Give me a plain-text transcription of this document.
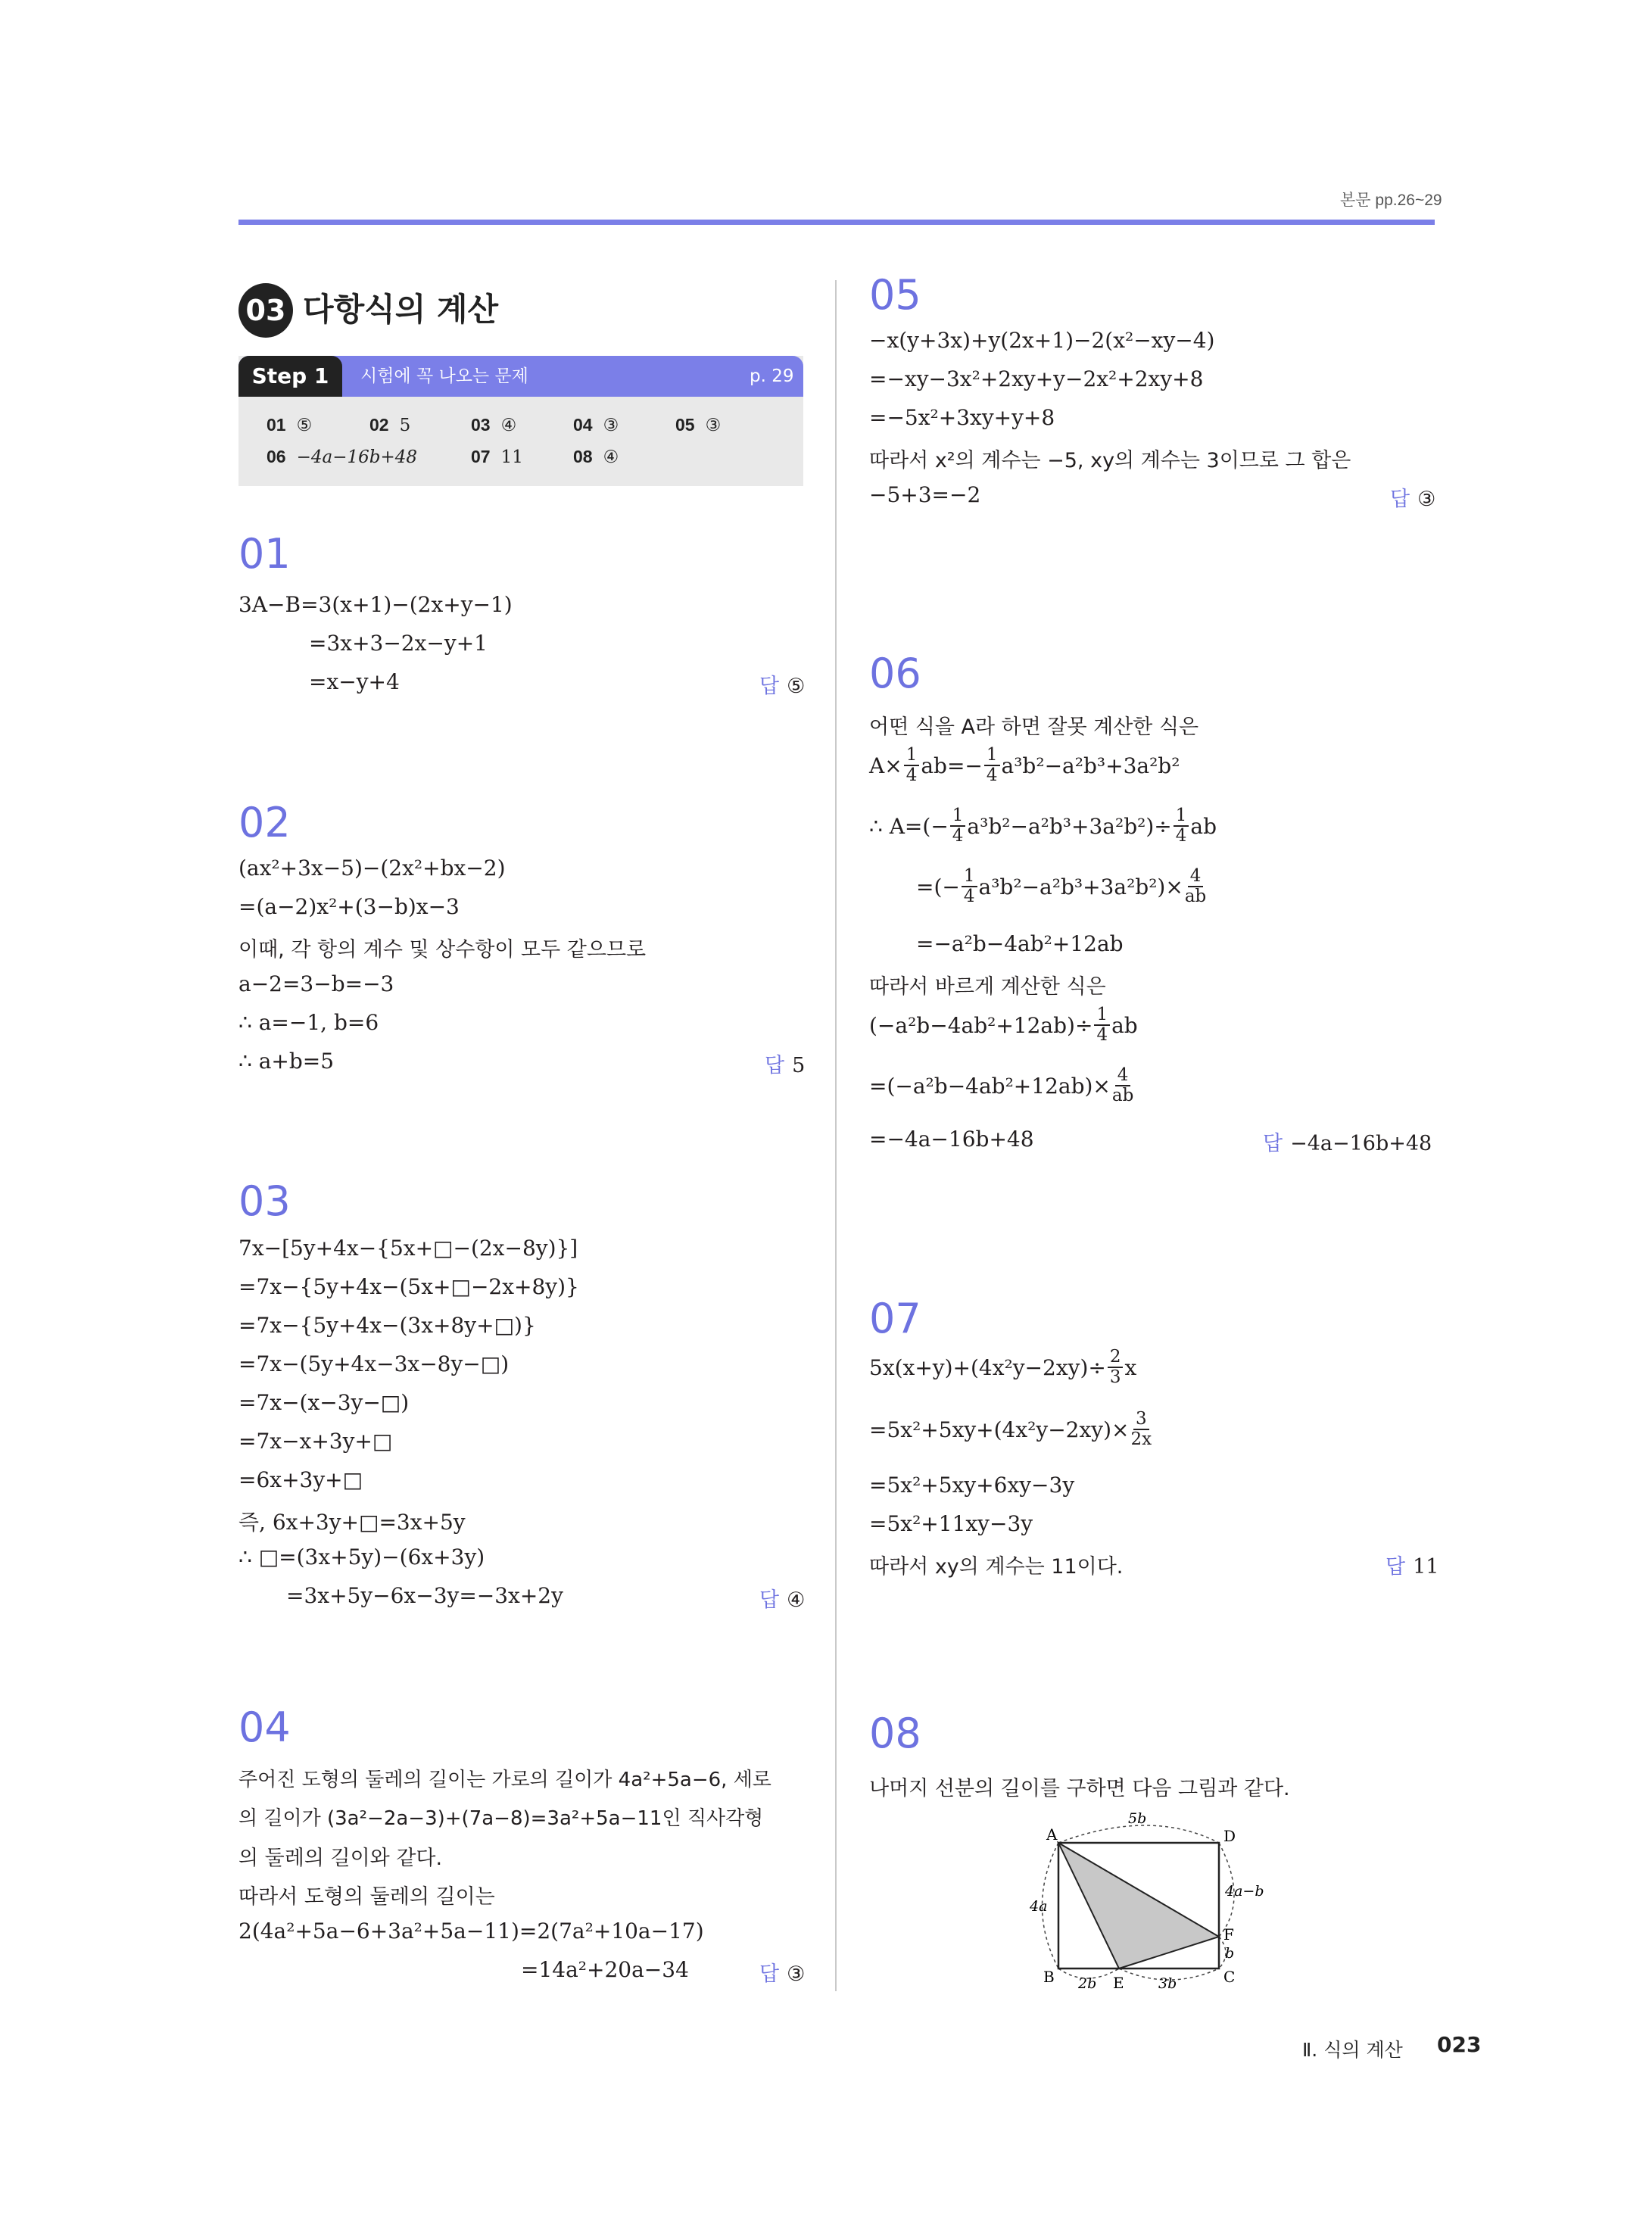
본문 pp.26~29
03 다항식의 계산
Step 1	시험에 꼭 나오는 문제	p. 29
01 ⑤	02 5	03 ④	04 ③	05 ③
06 −4a−16b+48	07 11	08 ④
01
3A−B=3(x+1)−(2x+y−1)
=3x+3−2x−y+1
=x−y+4	답 ⑤
02
(ax²+3x−5)−(2x²+bx−2)
=(a−2)x²+(3−b)x−3
이때, 각 항의 계수 및 상수항이 모두 같으므로
a−2=3−b=−3
∴ a=−1, b=6
∴ a+b=5	답 5
03
7x−[5y+4x−{5x+□−(2x−8y)}]
=7x−{5y+4x−(5x+□−2x+8y)}
=7x−{5y+4x−(3x+8y+□)}
=7x−(5y+4x−3x−8y−□)
=7x−(x−3y−□)
=7x−x+3y+□
=6x+3y+□
즉, 6x+3y+□=3x+5y
∴ □=(3x+5y)−(6x+3y)
=3x+5y−6x−3y=−3x+2y	답 ④
04
주어진 도형의 둘레의 길이는 가로의 길이가 4a²+5a−6, 세로
의 길이가 (3a²−2a−3)+(7a−8)=3a²+5a−11인 직사각형
의 둘레의 길이와 같다.
따라서 도형의 둘레의 길이는
2(4a²+5a−6+3a²+5a−11)=2(7a²+10a−17)
=14a²+20a−34	답 ③
05
−x(y+3x)+y(2x+1)−2(x²−xy−4)
=−xy−3x²+2xy+y−2x²+2xy+8
=−5x²+3xy+y+8
따라서 x²의 계수는 −5, xy의 계수는 3이므로 그 합은
−5+3=−2	답 ③
06
어떤 식을 A라 하면 잘못 계산한 식은
$A\times \frac{1}{4} ab=- \frac{1}{4} a^3b^2-a^2b^3+3a^2b^2$
∴ $A=(- \frac{1}{4} a^3b^2-a^2b^3+3a^2b^2)\div \frac{1}{4}$ ab
=(− $\frac{1}{4} a^3b^2-a^2b^3+3a^2b^2)\times \frac{4}{ab}$
=−a²b−4ab²+12ab
따라서 바르게 계산한 식은
$(-a^2b-4ab^2+12ab)\div \frac{1}{4}$ ab
$=(-a^2b-4ab^2+12ab)\times \frac{4}{ab}$
=−4a−16b+48	답 −4a−16b+48
07
$5x(x+y)+(4x^2y-2xy)\div \frac{2}{3}$ x
$=5x^2+5xy+(4x^2y-2xy)\times \frac{3}{2x}$
=5x²+5xy+6xy−3y
=5x²+11xy−3y
따라서 xy의 계수는 11이다.	답 11
08
나머지 선분의 길이를 구하면 다음 그림과 같다.
A	D
B	C
E
F
5b
4a
4a−b
b
2b	3b
Ⅱ. 식의 계산 023
